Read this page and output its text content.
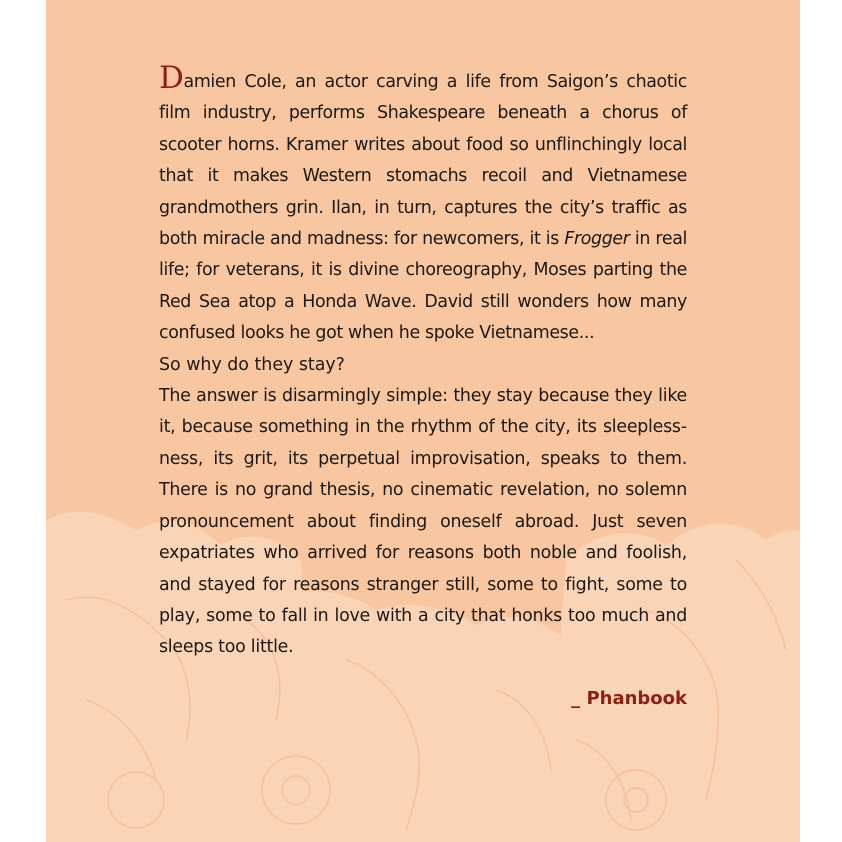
Damien Cole, an actor carving a life from Saigon’s chaotic film industry, performs Shakespeare beneath a chorus of scooter horns. Kramer writes about food so unflinchingly local that it makes Western stomachs recoil and Vietnamese grandmothers grin. Ilan, in turn, captures the city’s traffic as both miracle and madness: for newcomers, it is Frogger in real life; for veterans, it is divine choreography, Moses parting the Red Sea atop a Honda Wave. David still wonders how many confused looks he got when he spoke Vietnamese...

So why do they stay?

The answer is disarmingly simple: they stay because they like it, because something in the rhythm of the city, its sleeplessness, its grit, its perpetual improvisation, speaks to them. There is no grand thesis, no cinematic revelation, no solemn pronouncement about finding oneself abroad. Just seven expatriates who arrived for reasons both noble and foolish, and stayed for reasons stranger still, some to fight, some to play, some to fall in love with a city that honks too much and sleeps too little.

_ Phanbook
